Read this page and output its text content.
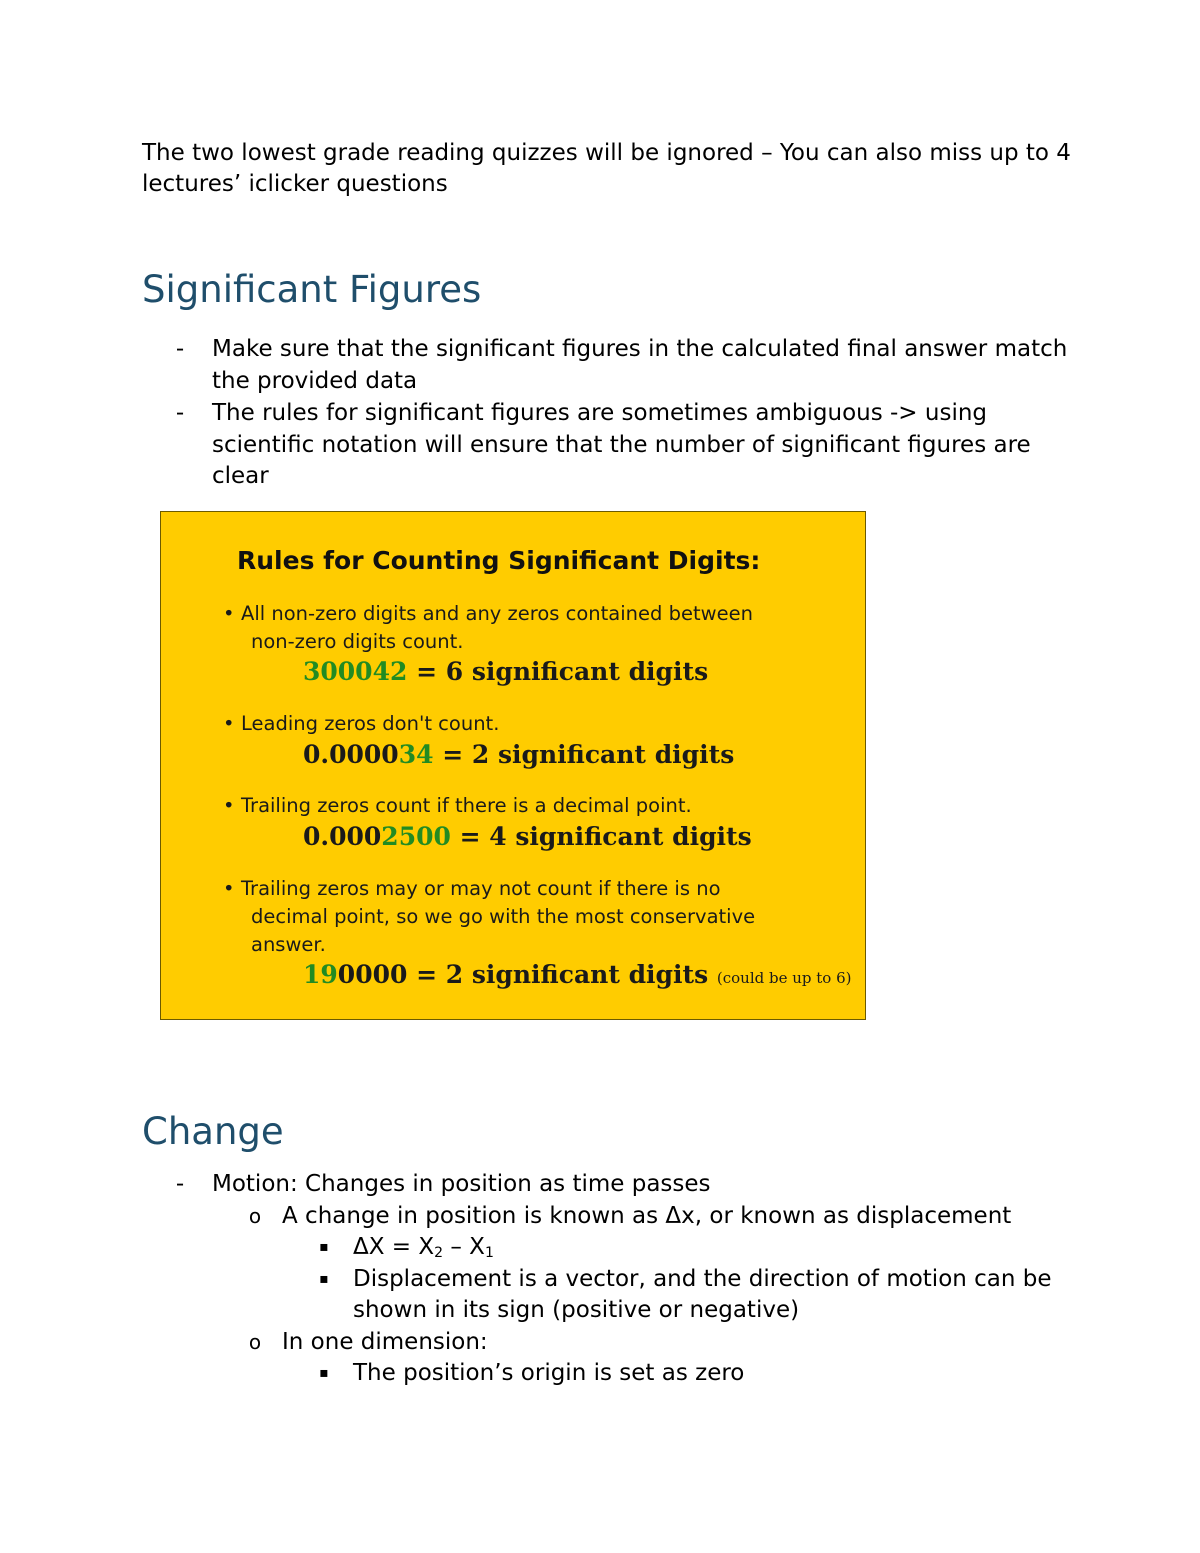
The two lowest grade reading quizzes will be ignored – You can also miss up to 4 lectures’ iclicker questions

Significant Figures
- Make sure that the significant figures in the calculated final answer match the provided data
- The rules for significant figures are sometimes ambiguous -> using scientific notation will ensure that the number of significant figures are clear
Rules for Counting Significant Digits:
• All non-zero digits and any zeros contained between
non-zero digits count.
300042 = 6 significant digits
• Leading zeros don't count.
0.000034 = 2 significant digits
• Trailing zeros count if there is a decimal point.
0.0002500 = 4 significant digits
• Trailing zeros may or may not count if there is no
decimal point, so we go with the most conservative
answer.
190000 = 2 significant digits (could be up to 6)
Change
- Motion: Changes in position as time passes
o A change in position is known as Δx, or known as displacement
▪ $\Delta X = X_2 - X_1$
▪ Displacement is a vector, and the direction of motion can be shown in its sign (positive or negative)
o In one dimension:
▪ The position’s origin is set as zero
